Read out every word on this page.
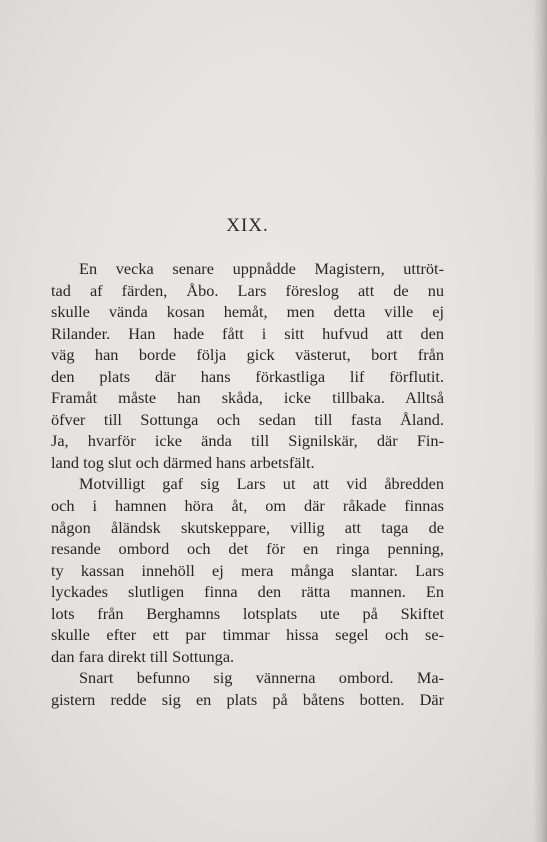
XIX.
En vecka senare uppnådde Magistern, uttröt-
tad af färden, Åbo. Lars föreslog att de nu
skulle vända kosan hemåt, men detta ville ej
Rilander. Han hade fått i sitt hufvud att den
väg han borde följa gick västerut, bort från
den plats där hans förkastliga lif förflutit.
Framåt måste han skåda, icke tillbaka. Alltså
öfver till Sottunga och sedan till fasta Åland.
Ja, hvarför icke ända till Signilskär, där Fin-
land tog slut och därmed hans arbetsfält.
Motvilligt gaf sig Lars ut att vid åbredden
och i hamnen höra åt, om där råkade finnas
någon åländsk skutskeppare, villig att taga de
resande ombord och det för en ringa penning,
ty kassan innehöll ej mera många slantar. Lars
lyckades slutligen finna den rätta mannen. En
lots från Berghamns lotsplats ute på Skiftet
skulle efter ett par timmar hissa segel och se-
dan fara direkt till Sottunga.
Snart befunno sig vännerna ombord. Ma-
gistern redde sig en plats på båtens botten. Där
